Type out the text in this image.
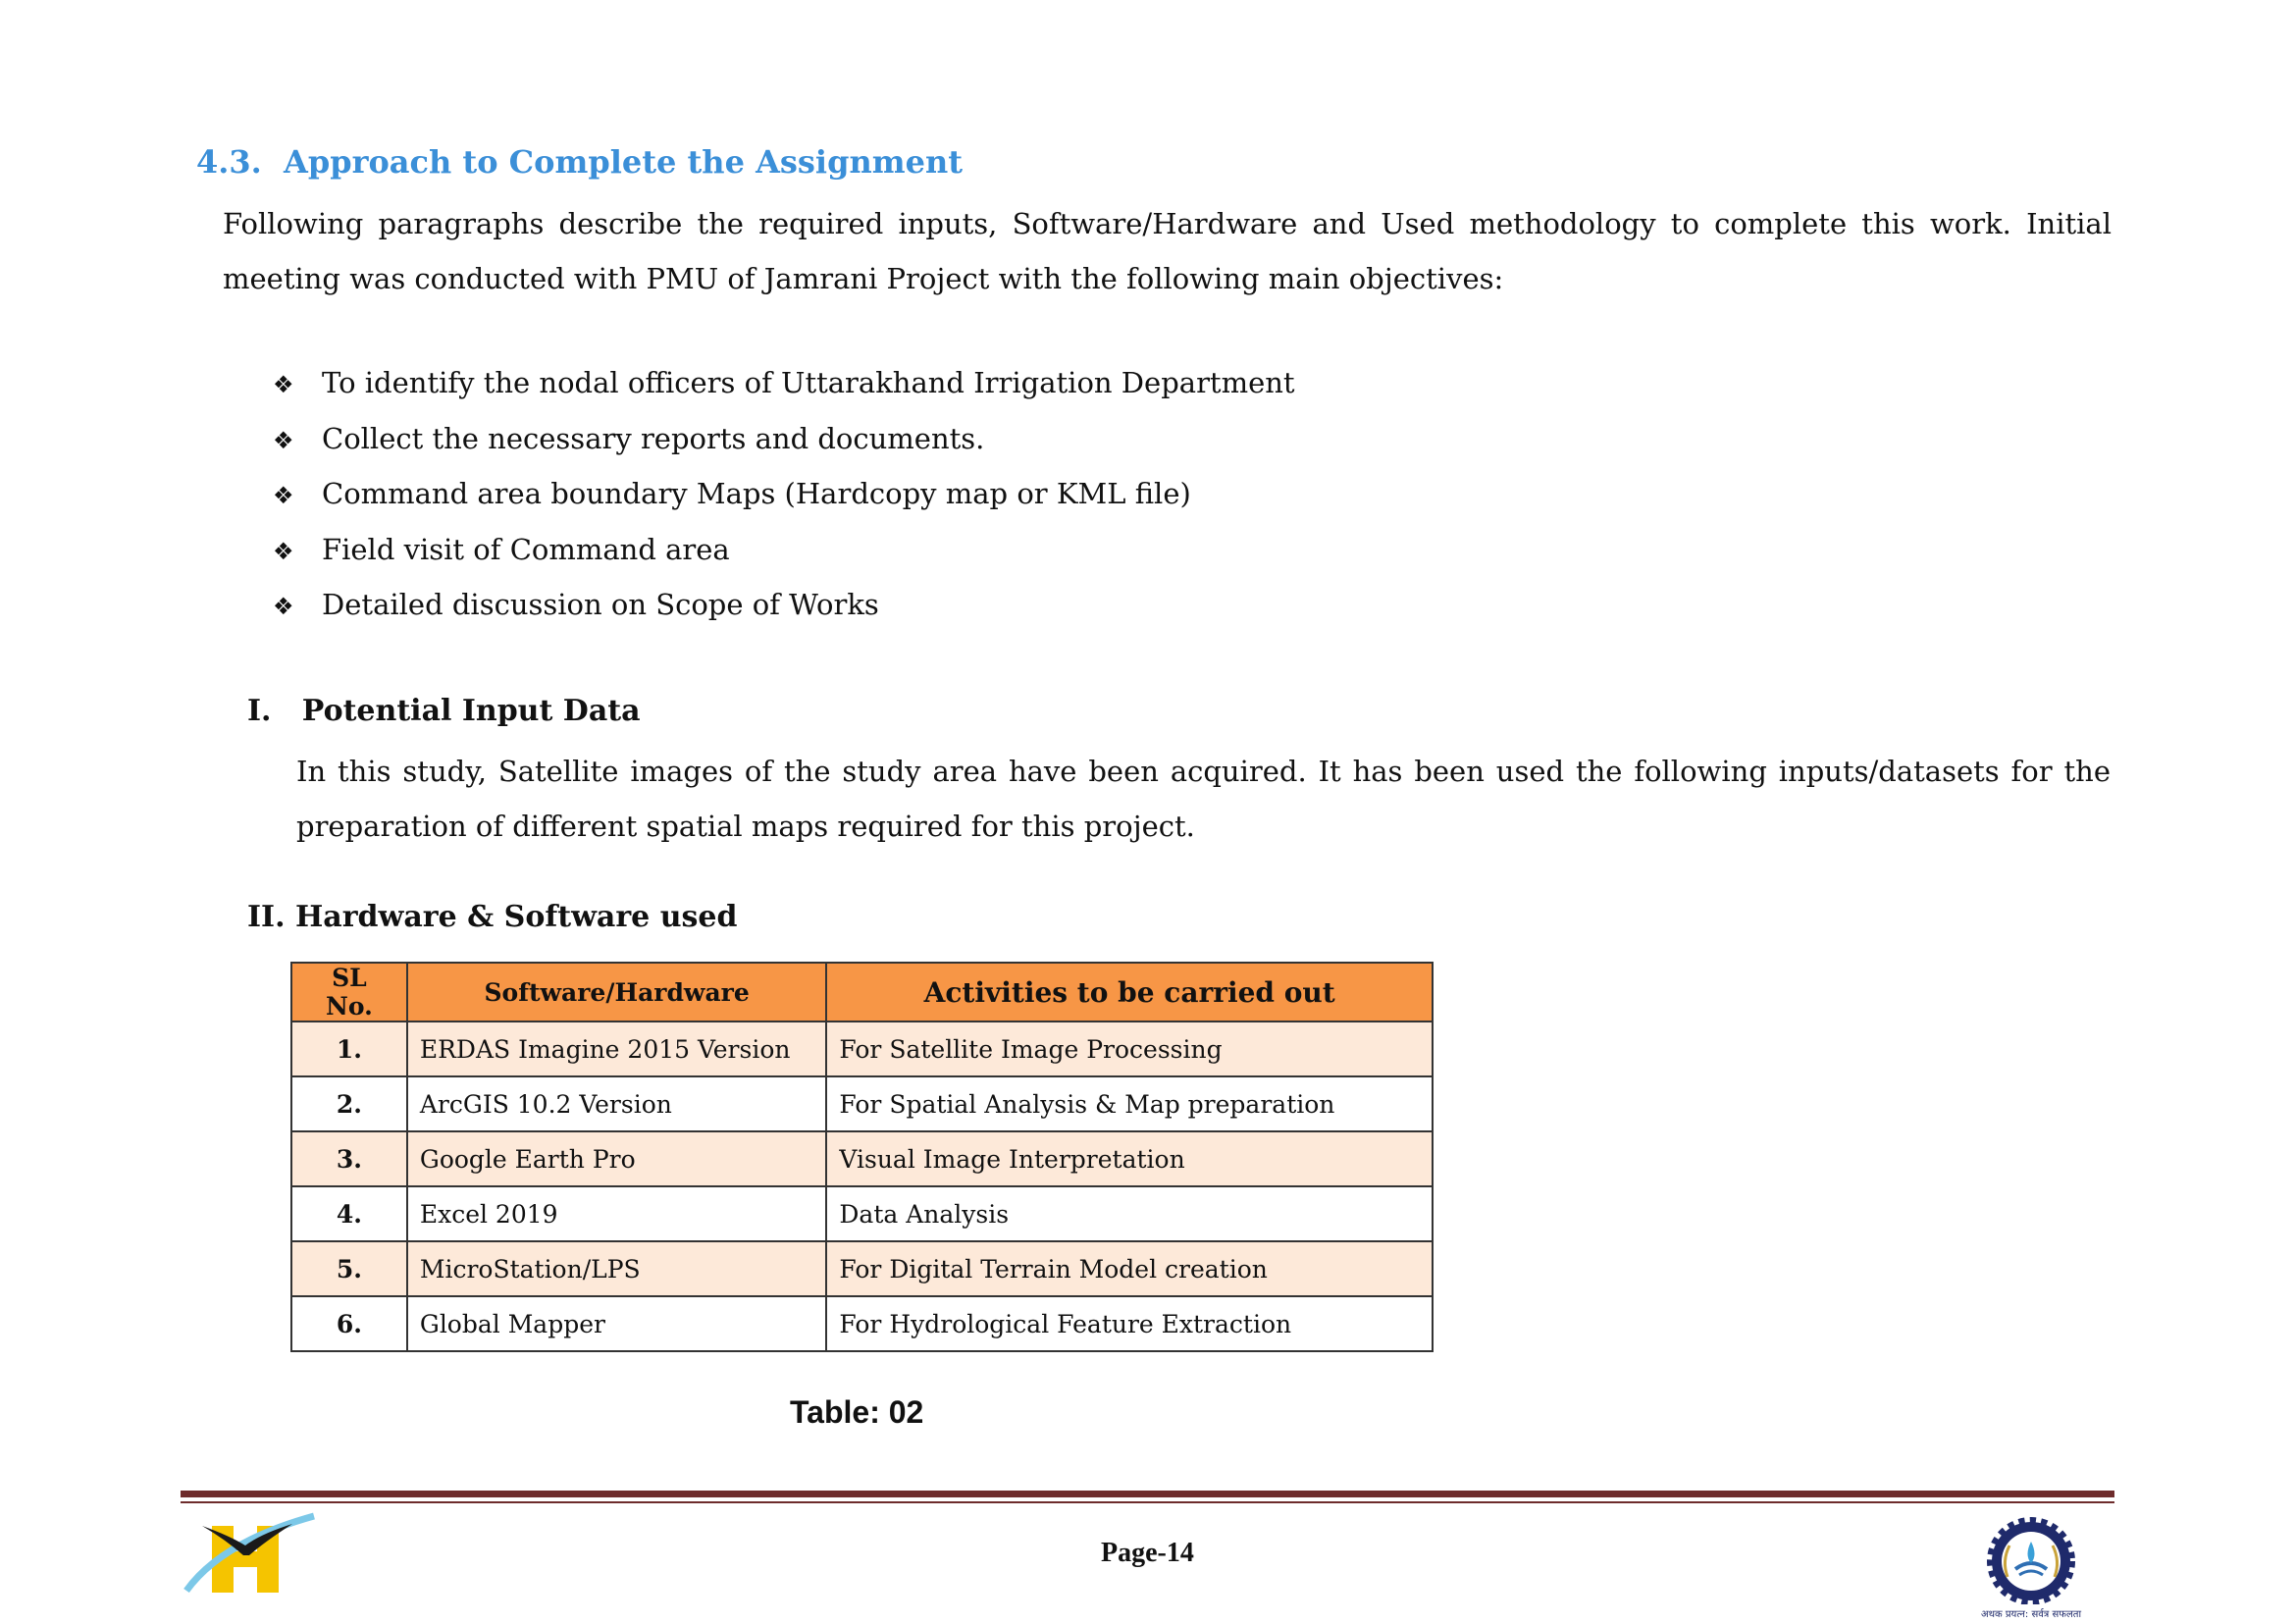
4.3. Approach to Complete the Assignment
Following paragraphs describe the required inputs, Software/Hardware and Used methodology to complete this work. Initial meeting was conducted with PMU of Jamrani Project with the following main objectives:
❖ To identify the nodal officers of Uttarakhand Irrigation Department
❖ Collect the necessary reports and documents.
❖ Command area boundary Maps (Hardcopy map or KML file)
❖ Field visit of Command area
❖ Detailed discussion on Scope of Works
I.   Potential Input Data
In this study, Satellite images of the study area have been acquired. It has been used the following inputs/datasets for the preparation of different spatial maps required for this project.
II. Hardware & Software used
SL No.	Software/Hardware	Activities to be carried out
1.	ERDAS Imagine 2015 Version	For Satellite Image Processing
2.	ArcGIS 10.2 Version	For Spatial Analysis & Map preparation
3.	Google Earth Pro	Visual Image Interpretation
4.	Excel 2019	Data Analysis
5.	MicroStation/LPS	For Digital Terrain Model creation
6.	Global Mapper	For Hydrological Feature Extraction
Table: 02
Page-14
अथक प्रयत्न: सर्वत्र सफलता
